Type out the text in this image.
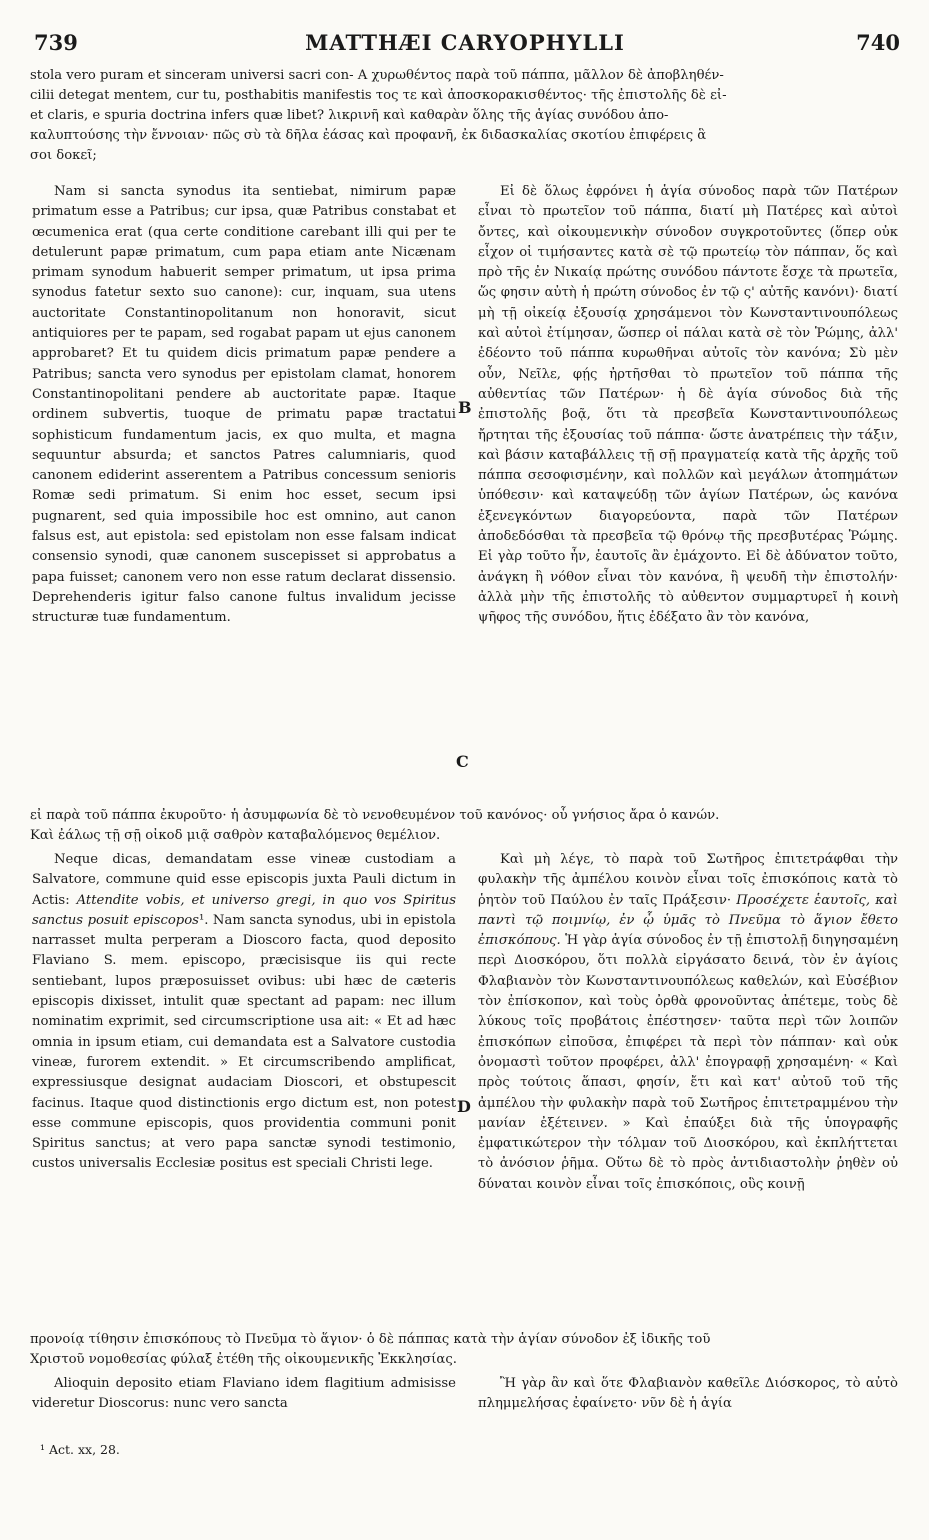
739	MATTHÆI CARYOPHYLLI	740
stola vero puram et sinceram universi sacri con- A χυρωθέντος παρὰ τοῦ πάππα, μᾶλλον δὲ ἀποβληθέν-
cilii detegat mentem, cur tu, posthabitis manifestis τος τε καὶ ἀποσκορακισθέντος· τῆς ἐπιστολῆς δὲ εἰ-
et claris, e spuria doctrina infers quæ libet? λικρινῆ καὶ καθαρὰν ὅλης τῆς ἁγίας συνόδου ἀπο-
καλυπτούσης τὴν ἔννοιαν· πῶς σὺ τὰ δῆλα ἐάσας καὶ προφανῆ, ἐκ διδασκαλίας σκοτίου ἐπιφέρεις ἃ
σοι δοκεῖ;

Nam si sancta synodus ita sentiebat, nimirum papæ primatum esse a Patribus; cur ipsa, quæ Patribus constabat et œcumenica erat (qua certe conditione carebant illi qui per te detulerunt papæ primatum, cum papa etiam ante Nicænam primam synodum habuerit semper primatum, ut ipsa prima synodus fatetur sexto suo canone): cur, inquam, sua utens auctoritate Constantinopolitanum non honoravit, sicut antiquiores per te papam, sed rogabat papam ut ejus canonem approbaret? Et tu quidem dicis primatum papæ pendere a Patribus; sancta vero synodus per epistolam clamat, honorem Constantinopolitani pendere ab auctoritate papæ. Itaque ordinem subvertis, tuoque de primatu papæ tractatui sophisticum fundamentum jacis, ex quo multa, et magna sequuntur absurda; et sanctos Patres calumniaris, quod canonem ediderint asserentem a Patribus concessum senioris Romæ sedi primatum. Si enim hoc esset, secum ipsi pugnarent, sed quia impossibile hoc est omnino, aut canon falsus est, aut epistola: sed epistolam non esse falsam indicat consensio synodi, quæ canonem suscepisset si approbatus a papa fuisset; canonem vero non esse ratum declarat dissensio. Deprehenderis igitur falso canone fultus invalidum jecisse structuræ tuæ fundamentum.

Εἰ δὲ ὅλως ἐφρόνει ἡ ἁγία σύνοδος παρὰ τῶν Πατέρων εἶναι τὸ πρωτεῖον τοῦ πάππα, διατί μὴ Πατέρες καὶ αὐτοὶ ὄντες, καὶ οἰκουμενικὴν σύνοδον συγκροτοῦντες (ὅπερ οὐκ εἶχον οἱ τιμήσαντες κατὰ σὲ τῷ πρωτείῳ τὸν πάππαν, ὅς καὶ πρὸ τῆς ἐν Νικαίᾳ πρώτης συνόδου πάντοτε ἔσχε τὰ πρωτεῖα, ὥς φησιν αὐτὴ ἡ πρώτη σύνοδος ἐν τῷ ς' αὐτῆς κανόνι)· διατί μὴ τῇ οἰκείᾳ ἐξουσίᾳ χρησάμενοι τὸν Κωνσταντινουπόλεως καὶ αὐτοὶ ἐτίμησαν, ὥσπερ οἱ πάλαι κατὰ σὲ τὸν Ῥώμης, ἀλλ' ἐδέοντο τοῦ πάππα κυρωθῆναι αὐτοῖς τὸν κανόνα; Σὺ μὲν οὖν, Νεῖλε, φῄς ἠρτῆσθαι τὸ πρωτεῖον τοῦ πάππα τῆς αὐθεντίας τῶν Πατέρων· ἡ δὲ ἁγία σύνοδος διὰ τῆς ἐπιστολῆς βοᾷ, ὅτι τὰ πρεσβεῖα Κωνσταντινουπόλεως ἤρτηται τῆς ἐξουσίας τοῦ πάππα· ὥστε ἀνατρέπεις τὴν τάξιν, καὶ βάσιν καταβάλλεις τῇ σῇ πραγματείᾳ κατὰ τῆς ἀρχῆς τοῦ πάππα σεσοφισμένην, καὶ πολλῶν καὶ μεγάλων ἀτοπημάτων ὑπόθεσιν· καὶ καταψεύδῃ τῶν ἁγίων Πατέρων, ὡς κανόνα ἐξενεγκόντων διαγορεύοντα, παρὰ τῶν Πατέρων ἀποδεδόσθαι τὰ πρεσβεῖα τῷ θρόνῳ τῆς πρεσβυτέρας Ῥώμης. Εἰ γὰρ τοῦτο ἦν, ἑαυτοῖς ἂν ἐμάχοντο. Εἰ δὲ ἀδύνατον τοῦτο, ἀνάγκη ἢ νόθον εἶναι τὸν κανόνα, ἢ ψευδῆ τὴν ἐπιστολήν· ἀλλὰ μὴν τῆς ἐπιστολῆς τὸ αὐθεντον συμμαρτυρεῖ ἡ κοινὴ ψῆφος τῆς συνόδου, ἥτις ἐδέξατο ἂν τὸν κανόνα,

B
C
D
εἰ παρὰ τοῦ πάππα ἐκυροῦτο· ἡ ἀσυμφωνία δὲ τὸ νενοθευμένον τοῦ κανόνος· οὗ γνήσιος ἄρα ὁ κανών.
Καὶ ἐάλως τῇ σῇ οἰκοδ μιᾷ σαθρὸν καταβαλόμενος θεμέλιον.

Neque dicas, demandatam esse vineæ custodiam a Salvatore, commune quid esse episcopis juxta Pauli dictum in Actis: Attendite vobis, et universo gregi, in quo vos Spiritus sanctus posuit episcopos¹. Nam sancta synodus, ubi in epistola narrasset multa perperam a Dioscoro facta, quod deposito Flaviano S. mem. episcopo, præcisisque iis qui recte sentiebant, lupos præposuisset ovibus: ubi hæc de cæteris episcopis dixisset, intulit quæ spectant ad papam: nec illum nominatim exprimit, sed circumscriptione usa ait: « Et ad hæc omnia in ipsum etiam, cui demandata est a Salvatore custodia vineæ, furorem extendit. » Et circumscribendo amplificat, expressiusque designat audaciam Dioscori, et obstupescit facinus. Itaque quod distinctionis ergo dictum est, non potest esse commune episcopis, quos providentia communi ponit Spiritus sanctus; at vero papa sanctæ synodi testimonio, custos universalis Ecclesiæ positus est speciali Christi lege.

Καὶ μὴ λέγε, τὸ παρὰ τοῦ Σωτῆρος ἐπιτετράφθαι τὴν φυλακὴν τῆς ἀμπέλου κοινὸν εἶναι τοῖς ἐπισκόποις κατὰ τὸ ῥητὸν τοῦ Παύλου ἐν ταῖς Πράξεσιν· Προσέχετε ἑαυτοῖς, καὶ παντὶ τῷ ποιμνίῳ, ἐν ᾧ ὑμᾶς τὸ Πνεῦμα τὸ ἅγιον ἔθετο ἐπισκόπους. Ἡ γὰρ ἁγία σύνοδος ἐν τῇ ἐπιστολῇ διηγησαμένη περὶ Διοσκόρου, ὅτι πολλὰ εἰργάσατο δεινά, τὸν ἐν ἁγίοις Φλαβιανὸν τὸν Κωνσταντινουπόλεως καθελών, καὶ Εὐσέβιον τὸν ἐπίσκοπον, καὶ τοὺς ὀρθὰ φρονοῦντας ἀπέτεμε, τοὺς δὲ λύκους τοῖς προβάτοις ἐπέστησεν· ταῦτα περὶ τῶν λοιπῶν ἐπισκόπων εἰποῦσα, ἐπιφέρει τὰ περὶ τὸν πάππαν· καὶ οὐκ ὀνομαστὶ τοῦτον προφέρει, ἀλλ' ἐπογραφῇ χρησαμένη· « Καὶ πρὸς τούτοις ἅπασι, φησίν, ἔτι καὶ κατ' αὐτοῦ τοῦ τῆς ἀμπέλου τὴν φυλακὴν παρὰ τοῦ Σωτῆρος ἐπιτετραμμένου τὴν μανίαν ἐξέτεινεν. » Καὶ ἐπαύξει διὰ τῆς ὑπογραφῆς ἐμφατικώτερον τὴν τόλμαν τοῦ Διοσκόρου, καὶ ἐκπλήττεται τὸ ἀνόσιον ῥῆμα. Οὕτω δὲ τὸ πρὸς ἀντιδιαστολὴν ῥηθὲν οὐ δύναται κοινὸν εἶναι τοῖς ἐπισκόποις, οὓς κοινῇ

προνοίᾳ τίθησιν ἐπισκόπους τὸ Πνεῦμα τὸ ἅγιον· ὁ δὲ πάππας κατὰ τὴν ἁγίαν σύνοδον ἐξ ἰδικῆς τοῦ
Χριστοῦ νομοθεσίας φύλαξ ἐτέθη τῆς οἰκουμενικῆς Ἐκκλησίας.

Alioquin deposito etiam Flaviano idem flagitium admisisse videretur Dioscorus: nunc vero sancta

Ἢ γὰρ ἂν καὶ ὅτε Φλαβιανὸν καθεῖλε Διόσκορος, τὸ αὐτὸ πλημμελήσας ἐφαίνετο· νῦν δὲ ἡ ἁγία

¹ Act. xx, 28.
